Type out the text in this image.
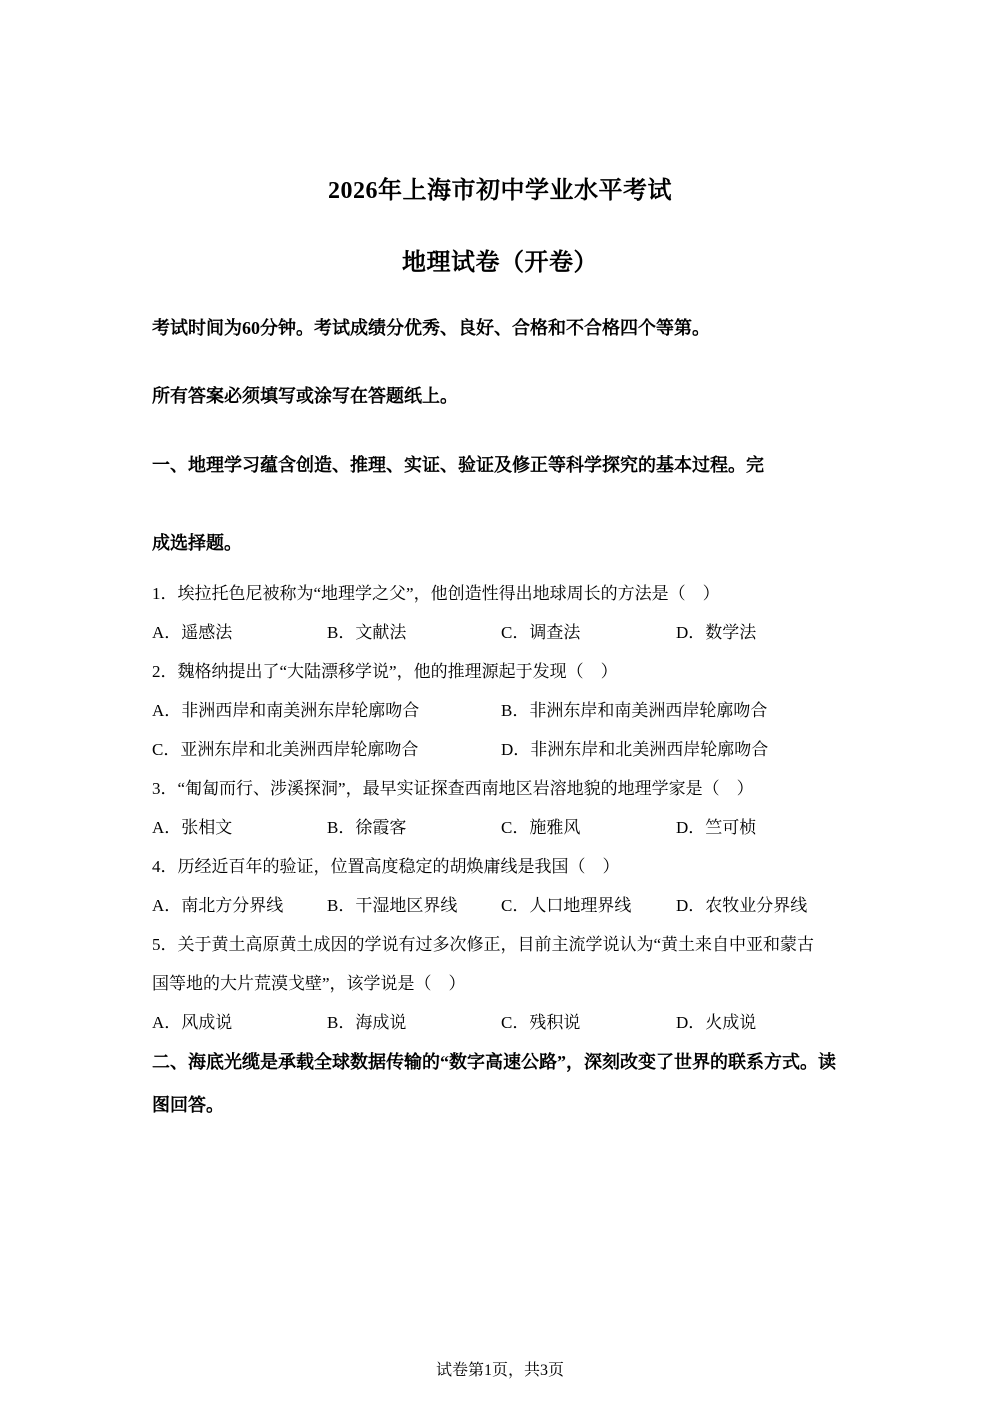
2026年上海市初中学业水平考试
地理试卷（开卷）
考试时间为60分钟。考试成绩分优秀、良好、合格和不合格四个等第。
所有答案必须填写或涂写在答题纸上。
一、地理学习蕴含创造、推理、实证、验证及修正等科学探究的基本过程。完
成选择题。
1．埃拉托色尼被称为“地理学之父”，他创造性得出地球周长的方法是（　）
A．遥感法	B．文献法	C．调查法	D．数学法
2．魏格纳提出了“大陆漂移学说”，他的推理源起于发现（　）
A．非洲西岸和南美洲东岸轮廓吻合	B．非洲东岸和南美洲西岸轮廓吻合
C．亚洲东岸和北美洲西岸轮廓吻合	D．非洲东岸和北美洲西岸轮廓吻合
3．“匍匐而行、涉溪探洞”，最早实证探查西南地区岩溶地貌的地理学家是（　）
A．张相文	B．徐霞客	C．施雅风	D．竺可桢
4．历经近百年的验证，位置高度稳定的胡焕庸线是我国（　）
A．南北方分界线	B．干湿地区界线	C．人口地理界线	D．农牧业分界线
5．关于黄土高原黄土成因的学说有过多次修正，目前主流学说认为“黄土来自中亚和蒙古
国等地的大片荒漠戈壁”，该学说是（　）
A．风成说	B．海成说	C．残积说	D．火成说
二、海底光缆是承载全球数据传输的“数字高速公路”，深刻改变了世界的联系方式。读
图回答。
试卷第1页，共3页
